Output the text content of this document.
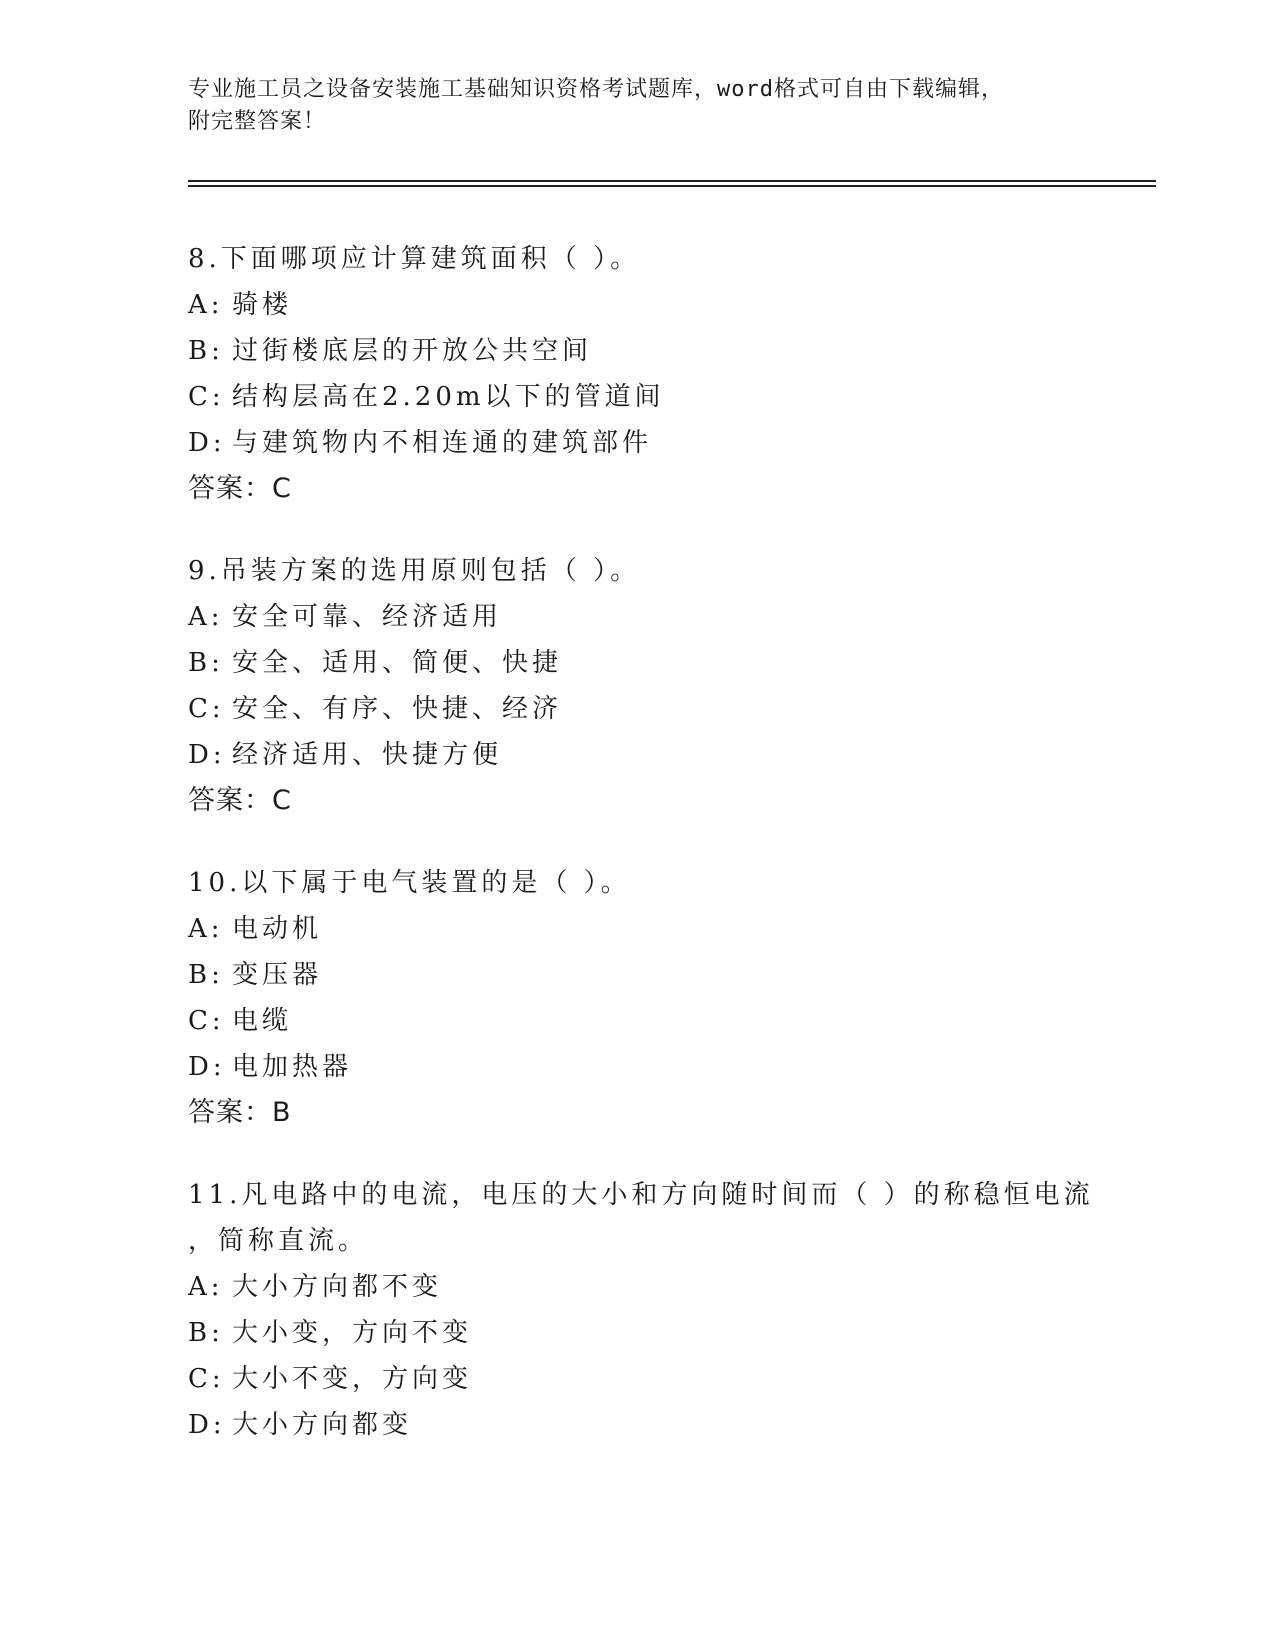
专业施工员之设备安装施工基础知识资格考试题库，word格式可自由下载编辑，
附完整答案！
8.下面哪项应计算建筑面积（ ）。
A: 骑楼
B: 过街楼底层的开放公共空间
C: 结构层高在2.20m以下的管道间
D: 与建筑物内不相连通的建筑部件
答案：C
9.吊装方案的选用原则包括（ ）。
A: 安全可靠、经济适用
B: 安全、适用、简便、快捷
C: 安全、有序、快捷、经济
D: 经济适用、快捷方便
答案：C
10.以下属于电气装置的是（ ）。
A: 电动机
B: 变压器
C: 电缆
D: 电加热器
答案：B
11.凡电路中的电流，电压的大小和方向随时间而（ ）的称稳恒电流
，简称直流。
A: 大小方向都不变
B: 大小变，方向不变
C: 大小不变，方向变
D: 大小方向都变
